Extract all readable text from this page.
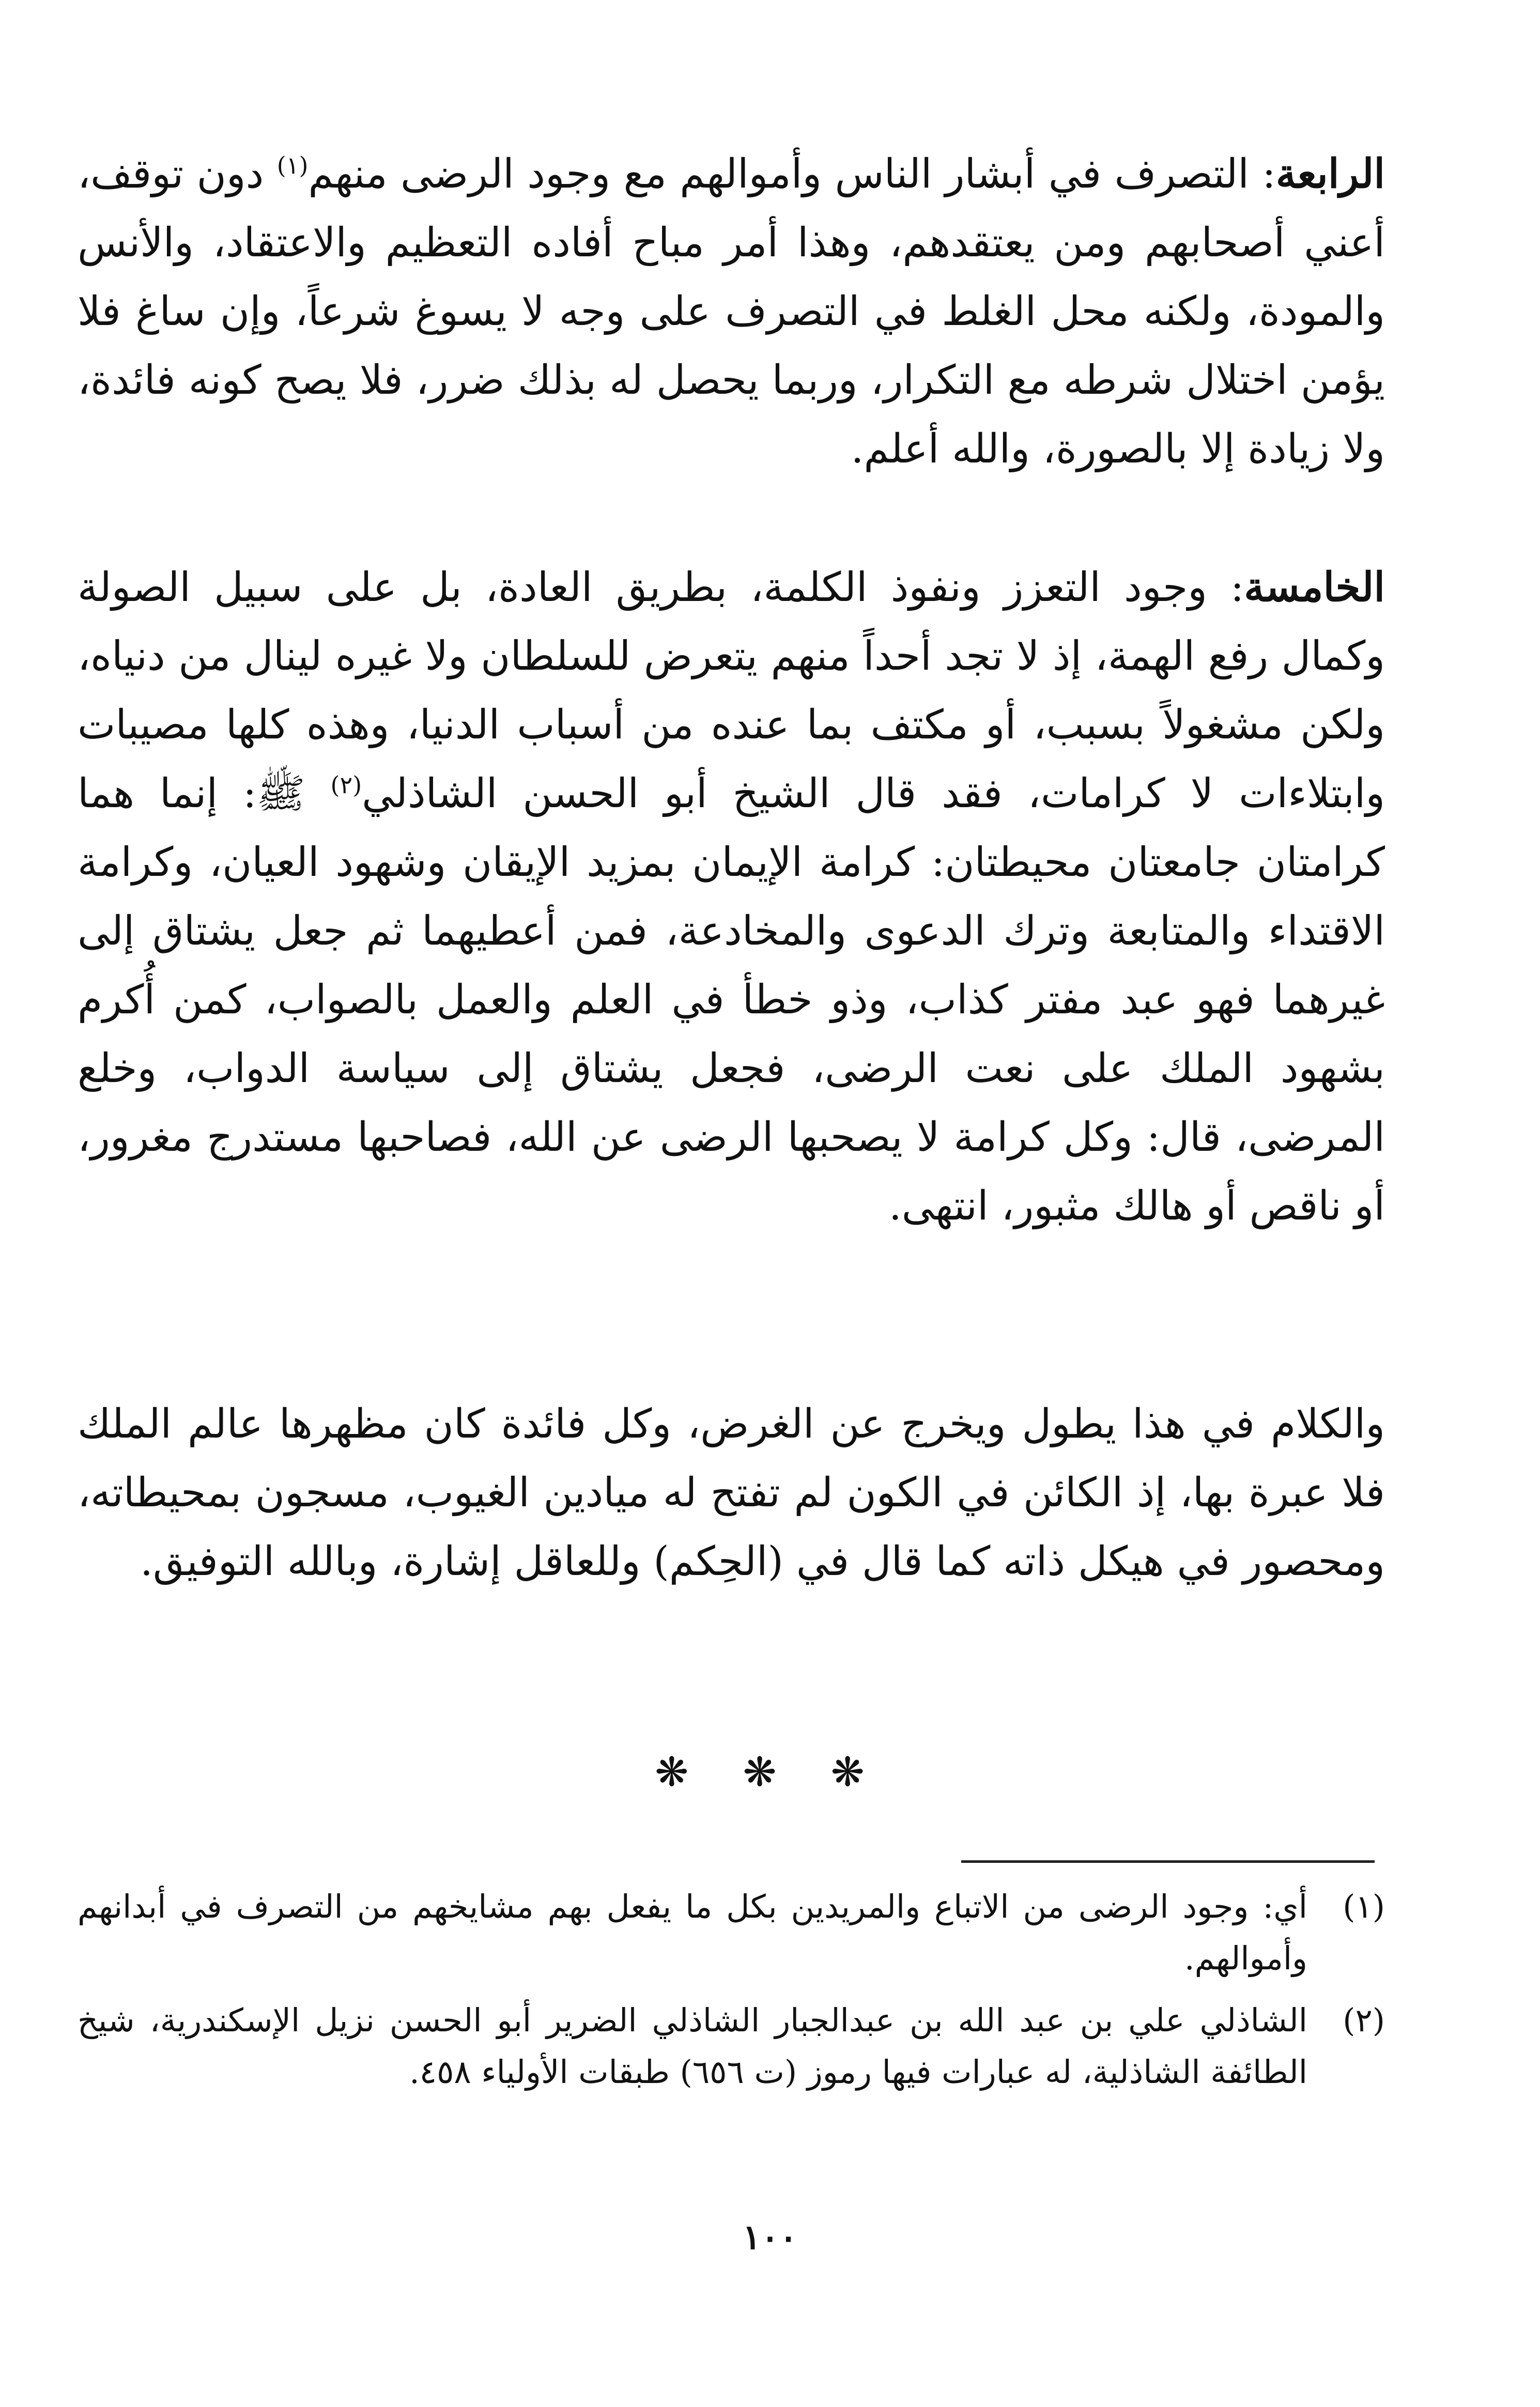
الرابعة: التصرف في أبشار الناس وأموالهم مع وجود الرضى منهم$^{(١)}$ دون توقف، أعني أصحابهم ومن يعتقدهم، وهذا أمر مباح أفاده التعظيم والاعتقاد، والأنس والمودة، ولكنه محل الغلط في التصرف على وجه لا يسوغ شرعاً، وإن ساغ فلا يؤمن اختلال شرطه مع التكرار، وربما يحصل له بذلك ضرر، فلا يصح كونه فائدة، ولا زيادة إلا بالصورة، والله أعلم.
الخامسة: وجود التعزز ونفوذ الكلمة، بطريق العادة، بل على سبيل الصولة وكمال رفع الهمة، إذ لا تجد أحداً منهم يتعرض للسلطان ولا غيره لينال من دنياه، ولكن مشغولاً بسبب، أو مكتف بما عنده من أسباب الدنيا، وهذه كلها مصيبات وابتلاءات لا كرامات، فقد قال الشيخ أبو الحسن الشاذلي$^{(٢)}$ ﷺ: إنما هما كرامتان جامعتان محيطتان: كرامة الإيمان بمزيد الإيقان وشهود العيان، وكرامة الاقتداء والمتابعة وترك الدعوى والمخادعة، فمن أعطيهما ثم جعل يشتاق إلى غيرهما فهو عبد مفتر كذاب، وذو خطأ في العلم والعمل بالصواب، كمن أُكرم بشهود الملك على نعت الرضى، فجعل يشتاق إلى سياسة الدواب، وخلع المرضى، قال: وكل كرامة لا يصحبها الرضى عن الله، فصاحبها مستدرج مغرور، أو ناقص أو هالك مثبور، انتهى.
والكلام في هذا يطول ويخرج عن الغرض، وكل فائدة كان مظهرها عالم الملك فلا عبرة بها، إذ الكائن في الكون لم تفتح له ميادين الغيوب، مسجون بمحيطاته، ومحصور في هيكل ذاته كما قال في (الحِكم) وللعاقل إشارة، وبالله التوفيق.
❋ ❋ ❋
(١)
أي: وجود الرضى من الاتباع والمريدين بكل ما يفعل بهم مشايخهم من التصرف في أبدانهم وأموالهم.
(٢)
الشاذلي علي بن عبد الله بن عبدالجبار الشاذلي الضرير أبو الحسن نزيل الإسكندرية، شيخ الطائفة الشاذلية، له عبارات فيها رموز (ت ٦٥٦) طبقات الأولياء ٤٥٨.
١٠٠
